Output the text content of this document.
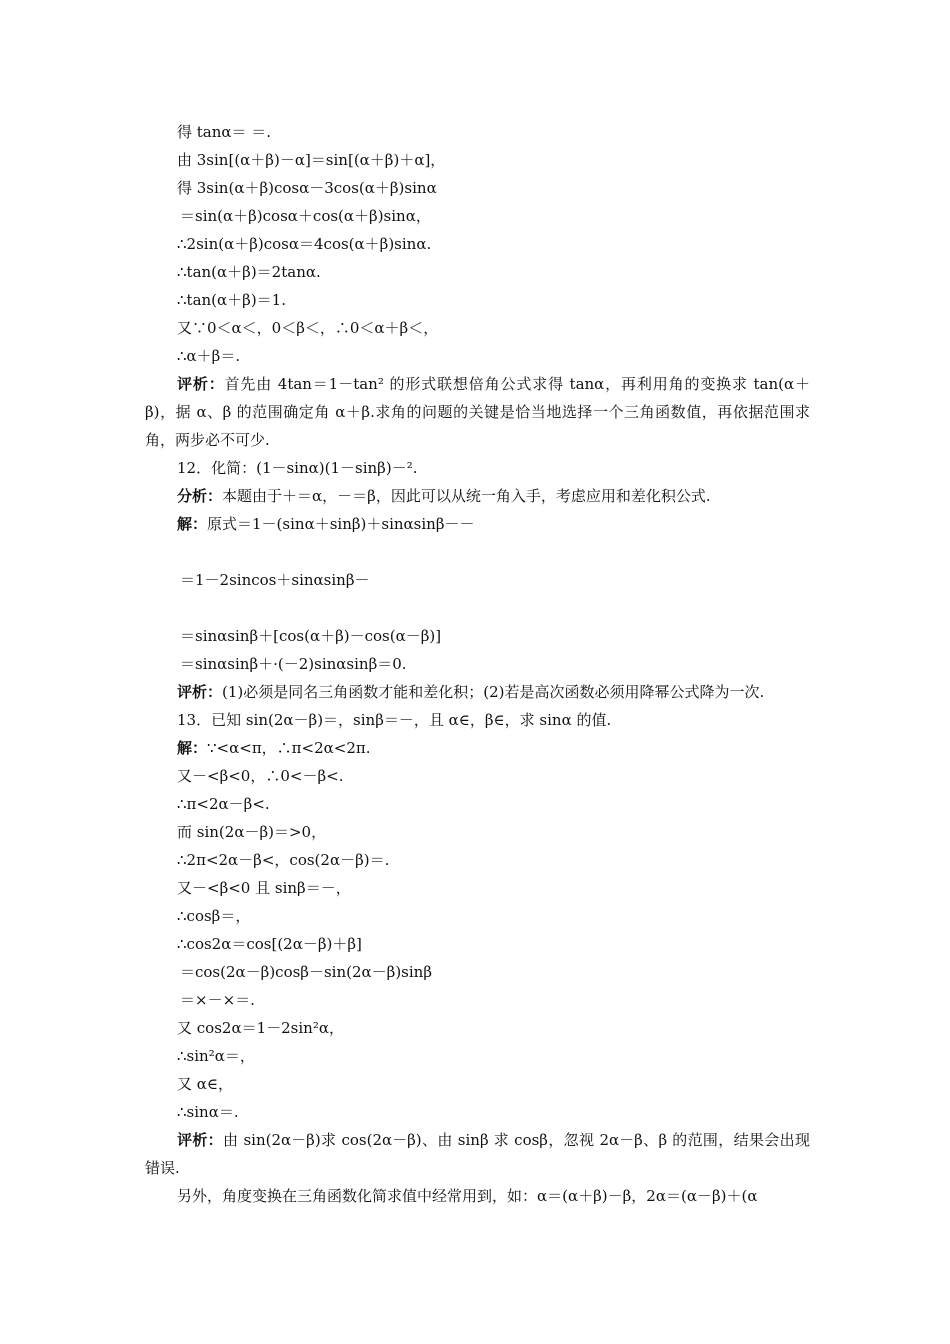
得 tanα＝ ＝.

由 3sin[(α＋β)－α]＝sin[(α＋β)＋α]，

得 3sin(α＋β)cosα－3cos(α＋β)sinα

＝sin(α＋β)cosα＋cos(α＋β)sinα，

∴2sin(α＋β)cosα＝4cos(α＋β)sinα.

∴tan(α＋β)＝2tanα.

∴tan(α＋β)＝1.

又∵0＜α＜，0＜β＜，∴0＜α＋β＜，

∴α＋β＝.

评析：首先由 4tan＝1－tan² 的形式联想倍角公式求得 tanα，再利用角的变换求 tan(α＋β)，据 α、β 的范围确定角 α＋β.求角的问题的关键是恰当地选择一个三角函数值，再依据范围求角，两步必不可少.

12．化简：(1－sinα)(1－sinβ)－².

分析：本题由于＋＝α，－＝β，因此可以从统一角入手，考虑应用和差化积公式.

解：原式＝1－(sinα＋sinβ)＋sinαsinβ－－

＝1－2sincos＋sinαsinβ－

＝sinαsinβ＋[cos(α＋β)－cos(α－β)]

＝sinαsinβ＋·(－2)sinαsinβ＝0.

评析：(1)必须是同名三角函数才能和差化积；(2)若是高次函数必须用降幂公式降为一次.

13．已知 sin(2α－β)＝，sinβ＝－，且 α∈，β∈，求 sinα 的值.

解：∵<α<π，∴π<2α<2π.

又－<β<0，∴0<－β<.

∴π<2α－β<.

而 sin(2α－β)＝>0，

∴2π<2α－β<，cos(2α－β)＝.

又－<β<0 且 sinβ＝－，

∴cosβ＝，

∴cos2α＝cos[(2α－β)＋β]

＝cos(2α－β)cosβ－sin(2α－β)sinβ

＝×－×＝.

又 cos2α＝1－2sin²α，

∴sin²α＝，

又 α∈，

∴sinα＝.

评析：由 sin(2α－β)求 cos(2α－β)、由 sinβ 求 cosβ，忽视 2α－β、β 的范围，结果会出现错误.

另外，角度变换在三角函数化简求值中经常用到，如：α＝(α＋β)－β，2α＝(α－β)＋(α
